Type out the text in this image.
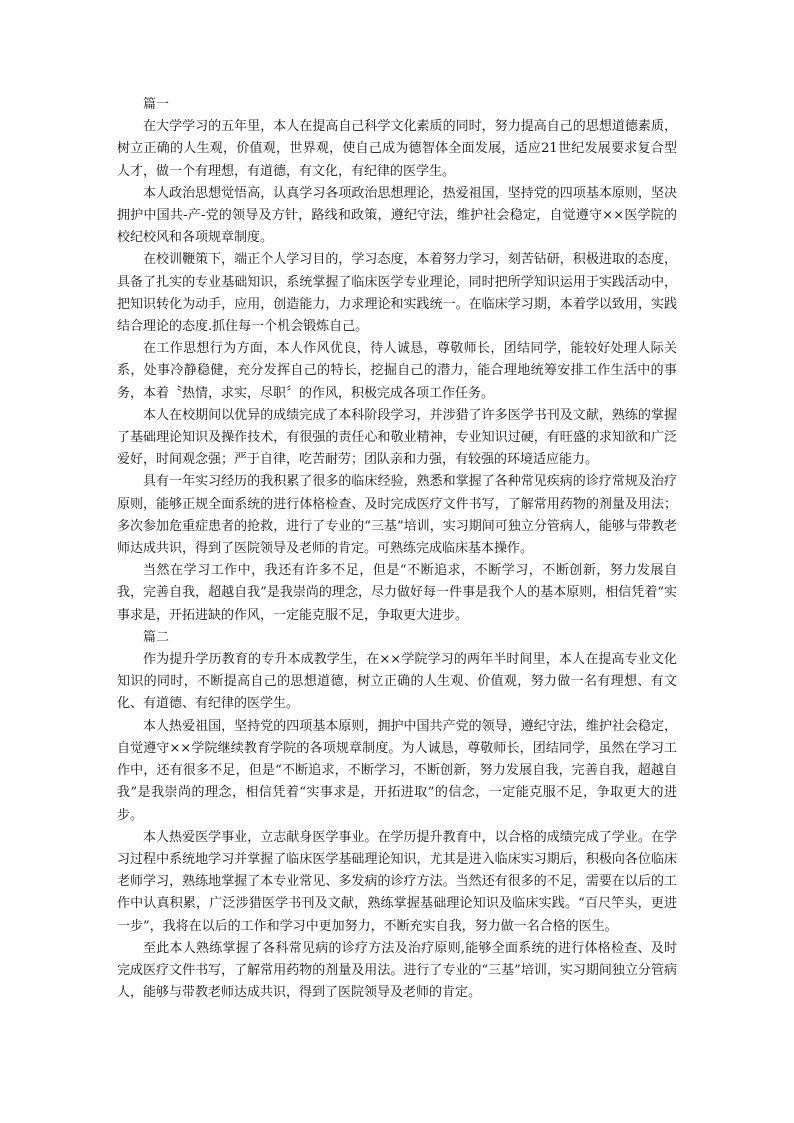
篇一

在大学学习的五年里，本人在提高自己科学文化素质的同时，努力提高自己的思想道德素质，树立正确的人生观，价值观，世界观，使自己成为德智体全面发展，适应21世纪发展要求复合型人才，做一个有理想，有道德，有文化，有纪律的医学生。

本人政治思想觉悟高，认真学习各项政治思想理论，热爱祖国，坚持党的四项基本原则，坚决拥护中国共-产-党的领导及方针，路线和政策，遵纪守法，维护社会稳定，自觉遵守××医学院的校纪校风和各项规章制度。

在校训鞭策下，端正个人学习目的，学习态度，本着努力学习，刻苦钻研，积极进取的态度，具备了扎实的专业基础知识，系统掌握了临床医学专业理论，同时把所学知识运用于实践活动中，把知识转化为动手，应用，创造能力，力求理论和实践统一。在临床学习期，本着学以致用，实践结合理论的态度.抓住每一个机会锻炼自己。

在工作思想行为方面，本人作风优良，待人诚恳，尊敬师长，团结同学，能较好处理人际关系，处事冷静稳健，充分发挥自己的特长，挖掘自己的潜力，能合理地统筹安排工作生活中的事务，本着〝热情，求实，尽职〞的作风，积极完成各项工作任务。

本人在校期间以优异的成绩完成了本科阶段学习，并涉猎了许多医学书刊及文献，熟练的掌握了基础理论知识及操作技术，有很强的责任心和敬业精神，专业知识过硬，有旺盛的求知欲和广泛爱好，时间观念强；严于自律，吃苦耐劳；团队亲和力强，有较强的环境适应能力。

具有一年实习经历的我积累了很多的临床经验，熟悉和掌握了各种常见疾病的诊疗常规及治疗原则，能够正规全面系统的进行体格检查、及时完成医疗文件书写，了解常用药物的剂量及用法；多次参加危重症患者的抢救，进行了专业的“三基”培训，实习期间可独立分管病人，能够与带教老师达成共识，得到了医院领导及老师的肯定。可熟练完成临床基本操作。

当然在学习工作中，我还有许多不足，但是“不断追求，不断学习，不断创新，努力发展自我，完善自我，超越自我”是我崇尚的理念，尽力做好每一件事是我个人的基本原则，相信凭着“实事求是，开拓进缺的作风，一定能克服不足，争取更大进步。

篇二

作为提升学历教育的专升本成教学生，在××学院学习的两年半时间里，本人在提高专业文化知识的同时，不断提高自己的思想道德，树立正确的人生观、价值观，努力做一名有理想、有文化、有道德、有纪律的医学生。

本人热爱祖国，坚持党的四项基本原则，拥护中国共产党的领导，遵纪守法，维护社会稳定，自觉遵守××学院继续教育学院的各项规章制度。为人诚恳，尊敬师长，团结同学，虽然在学习工作中，还有很多不足，但是“不断追求，不断学习，不断创新，努力发展自我，完善自我，超越自我”是我崇尚的理念，相信凭着“实事求是，开拓进取”的信念，一定能克服不足，争取更大的进步。

本人热爱医学事业，立志献身医学事业。在学历提升教育中，以合格的成绩完成了学业。在学习过程中系统地学习并掌握了临床医学基础理论知识，尤其是进入临床实习期后，积极向各位临床老师学习，熟练地掌握了本专业常见、多发病的诊疗方法。当然还有很多的不足，需要在以后的工作中认真积累，广泛涉猎医学书刊及文献，熟练掌握基础理论知识及临床实践。“百尺竿头，更进一步”，我将在以后的工作和学习中更加努力，不断充实自我，努力做一名合格的医生。

至此本人熟练掌握了各科常见病的诊疗方法及治疗原则,能够全面系统的进行体格检查、及时完成医疗文件书写，了解常用药物的剂量及用法。进行了专业的“三基”培训，实习期间独立分管病人，能够与带教老师达成共识，得到了医院领导及老师的肯定。
